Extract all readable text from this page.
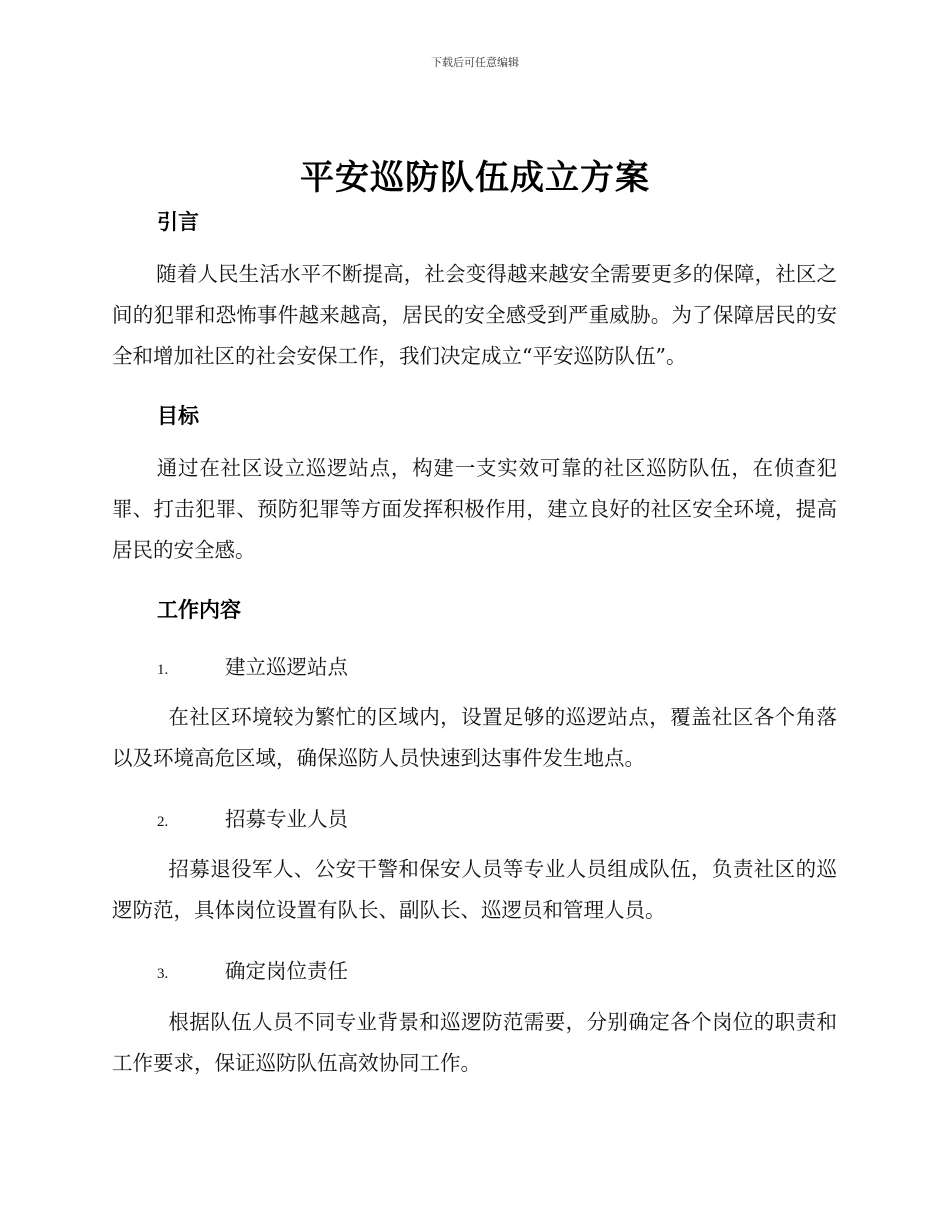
下载后可任意编辑
平安巡防队伍成立方案
引言
随着人民生活水平不断提高，社会变得越来越安全需要更多的保障，社区之间的犯罪和恐怖事件越来越高，居民的安全感受到严重威胁。为了保障居民的安全和增加社区的社会安保工作，我们决定成立“平安巡防队伍”。
目标
通过在社区设立巡逻站点，构建一支实效可靠的社区巡防队伍，在侦查犯罪、打击犯罪、预防犯罪等方面发挥积极作用，建立良好的社区安全环境，提高居民的安全感。
工作内容
1.	建立巡逻站点
在社区环境较为繁忙的区域内，设置足够的巡逻站点，覆盖社区各个角落以及环境高危区域，确保巡防人员快速到达事件发生地点。
2.	招募专业人员
招募退役军人、公安干警和保安人员等专业人员组成队伍，负责社区的巡逻防范，具体岗位设置有队长、副队长、巡逻员和管理人员。
3.	确定岗位责任
根据队伍人员不同专业背景和巡逻防范需要，分别确定各个岗位的职责和工作要求，保证巡防队伍高效协同工作。
